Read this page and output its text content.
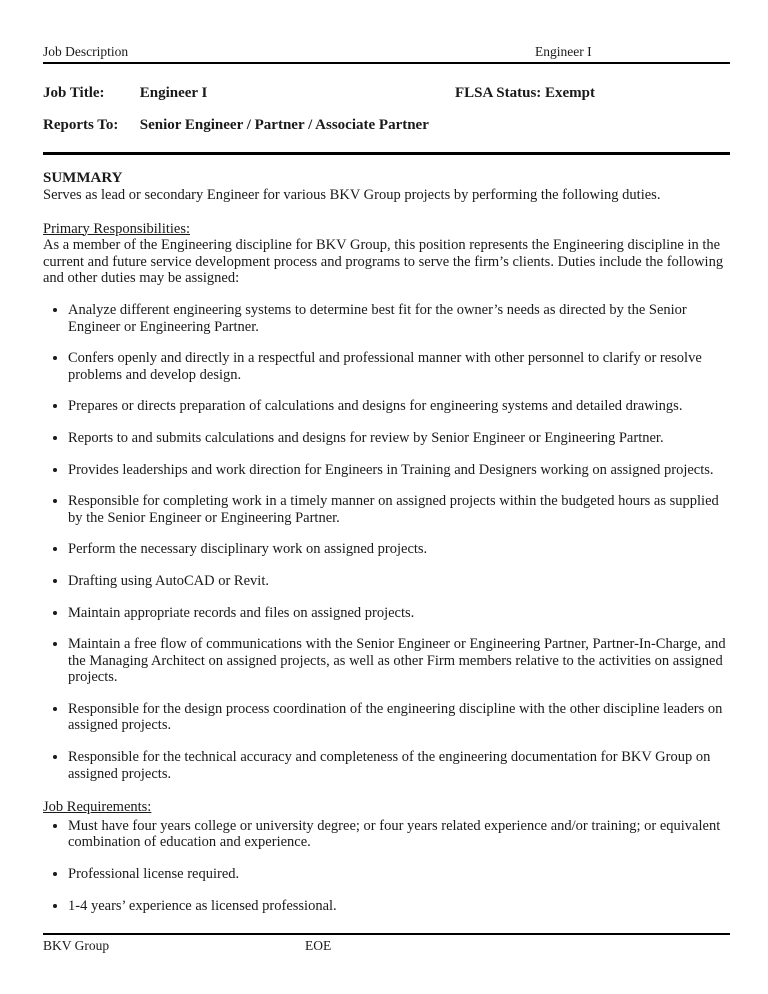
Job Description	Engineer I
Job Title: Engineer I	FLSA Status: Exempt
Reports To: Senior Engineer / Partner / Associate Partner
SUMMARY
Serves as lead or secondary Engineer for various BKV Group projects by performing the following duties.
Primary Responsibilities:
As a member of the Engineering discipline for BKV Group, this position represents the Engineering discipline in the current and future service development process and programs to serve the firm’s clients. Duties include the following and other duties may be assigned:
• Analyze different engineering systems to determine best fit for the owner’s needs as directed by the Senior Engineer or Engineering Partner.
• Confers openly and directly in a respectful and professional manner with other personnel to clarify or resolve problems and develop design.
• Prepares or directs preparation of calculations and designs for engineering systems and detailed drawings.
• Reports to and submits calculations and designs for review by Senior Engineer or Engineering Partner.
• Provides leaderships and work direction for Engineers in Training and Designers working on assigned projects.
• Responsible for completing work in a timely manner on assigned projects within the budgeted hours as supplied by the Senior Engineer or Engineering Partner.
• Perform the necessary disciplinary work on assigned projects.
• Drafting using AutoCAD or Revit.
• Maintain appropriate records and files on assigned projects.
• Maintain a free flow of communications with the Senior Engineer or Engineering Partner, Partner-In-Charge, and the Managing Architect on assigned projects, as well as other Firm members relative to the activities on assigned projects.
• Responsible for the design process coordination of the engineering discipline with the other discipline leaders on assigned projects.
• Responsible for the technical accuracy and completeness of the engineering documentation for BKV Group on assigned projects.
Job Requirements:
• Must have four years college or university degree; or four years related experience and/or training; or equivalent combination of education and experience.
• Professional license required.
• 1-4 years’ experience as licensed professional.
BKV Group	EOE
